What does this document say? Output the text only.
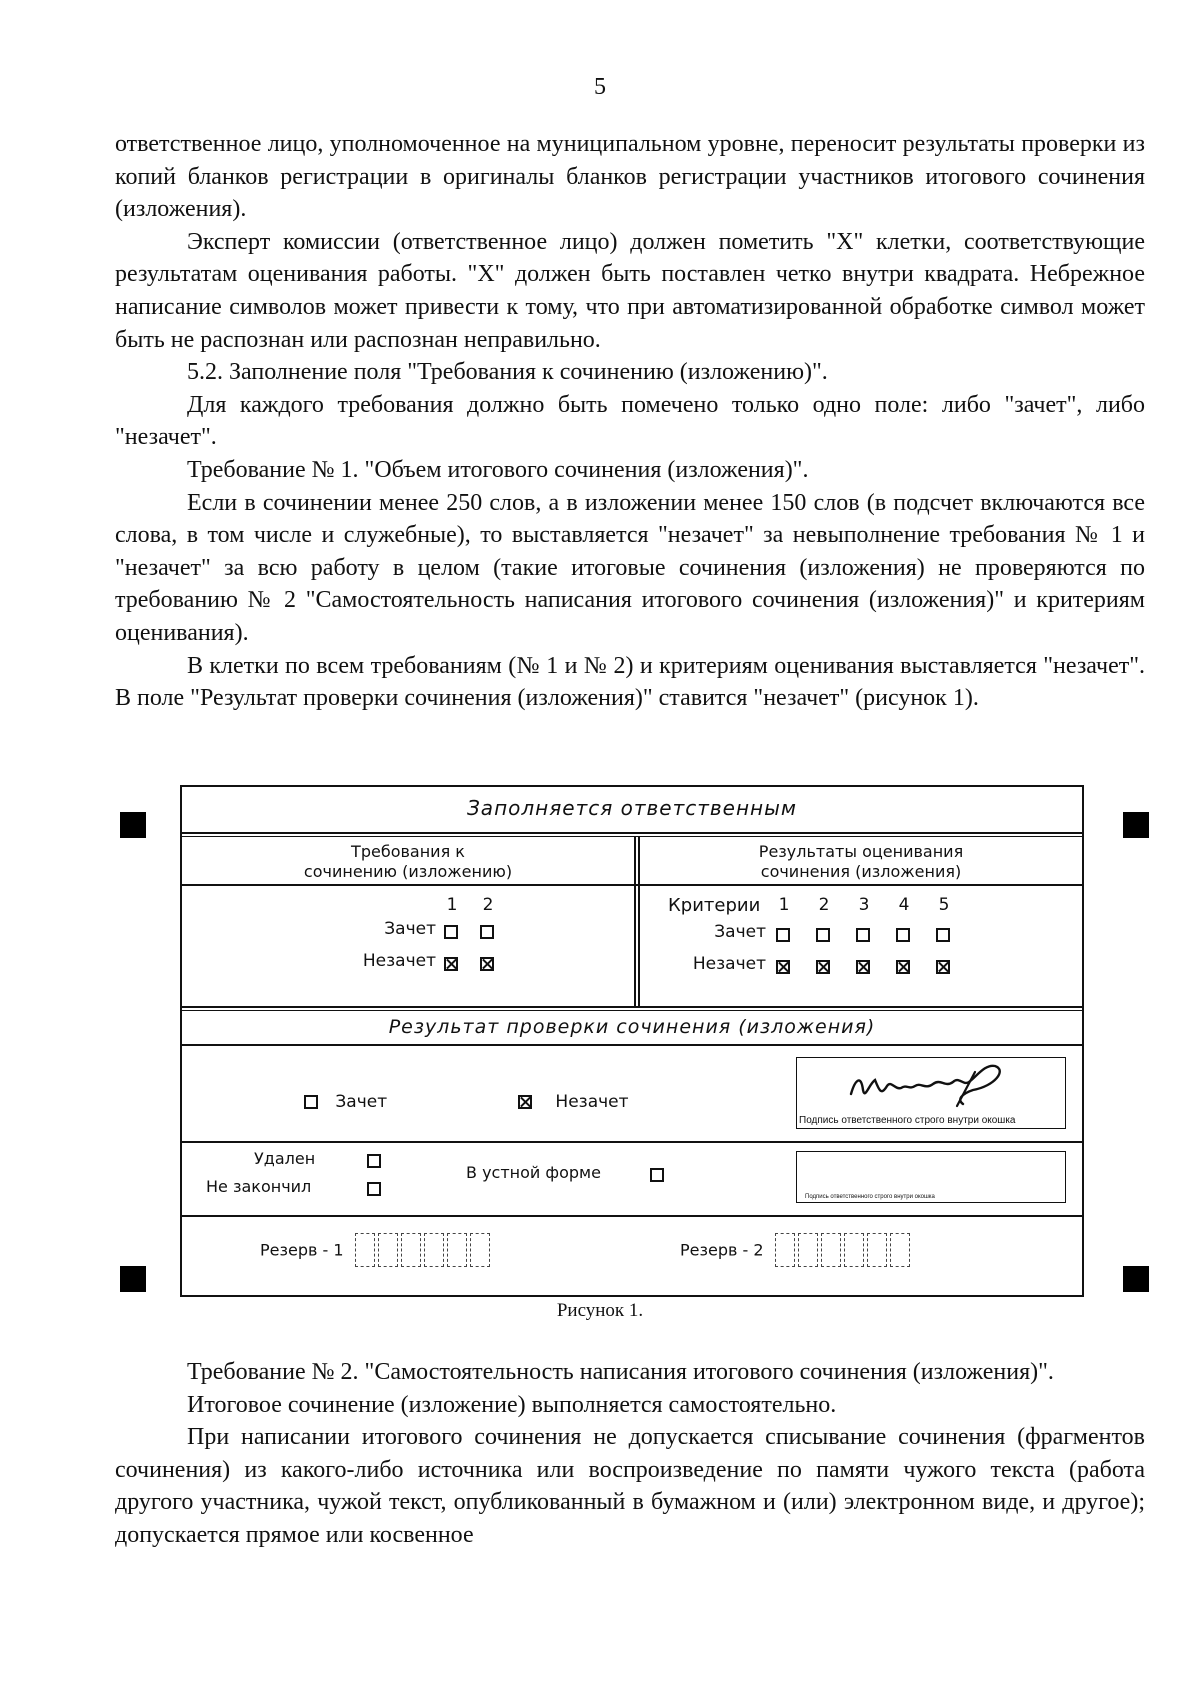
5

ответственное лицо, уполномоченное на муниципальном уровне, переносит результаты проверки из копий бланков регистрации в оригиналы бланков регистрации участников итогового сочинения (изложения).

Эксперт комиссии (ответственное лицо) должен пометить "Х" клетки, соответствующие результатам оценивания работы. "Х" должен быть поставлен четко внутри квадрата. Небрежное написание символов может привести к тому, что при автоматизированной обработке символ может быть не распознан или распознан неправильно.

5.2. Заполнение поля "Требования к сочинению (изложению)".

Для каждого требования должно быть помечено только одно поле: либо "зачет", либо "незачет".

Требование № 1. "Объем итогового сочинения (изложения)".

Если в сочинении менее 250 слов, а в изложении менее 150 слов (в подсчет включаются все слова, в том числе и служебные), то выставляется "незачет" за невыполнение требования № 1 и "незачет" за всю работу в целом (такие итоговые сочинения (изложения) не проверяются по требованию № 2 "Самостоятельность написания итогового сочинения (изложения)" и критериям оценивания).

В клетки по всем требованиям (№ 1 и № 2) и критериям оценивания выставляется "незачет". В поле "Результат проверки сочинения (изложения)" ставится "незачет" (рисунок 1).

Заполняется ответственным
Требования к
сочинению (изложению)
Результаты оценивания
сочинения (изложения)
1 2
Зачет
Незачет
Критерии 1 2 3 4 5
Зачет
Незачет
Результат проверки сочинения (изложения)
Зачет	Незачет
Подпись ответственного строго внутри окошка
Удален
Не закончил
В устной форме
Подпись ответственного строго внутри окошка
Резерв - 1	Резерв - 2
Рисунок 1.

Требование № 2. "Самостоятельность написания итогового сочинения (изложения)".

Итоговое сочинение (изложение) выполняется самостоятельно.

При написании итогового сочинения не допускается списывание сочинения (фрагментов сочинения) из какого-либо источника или воспроизведение по памяти чужого текста (работа другого участника, чужой текст, опубликованный в бумажном и (или) электронном виде, и другое); допускается прямое или косвенное
